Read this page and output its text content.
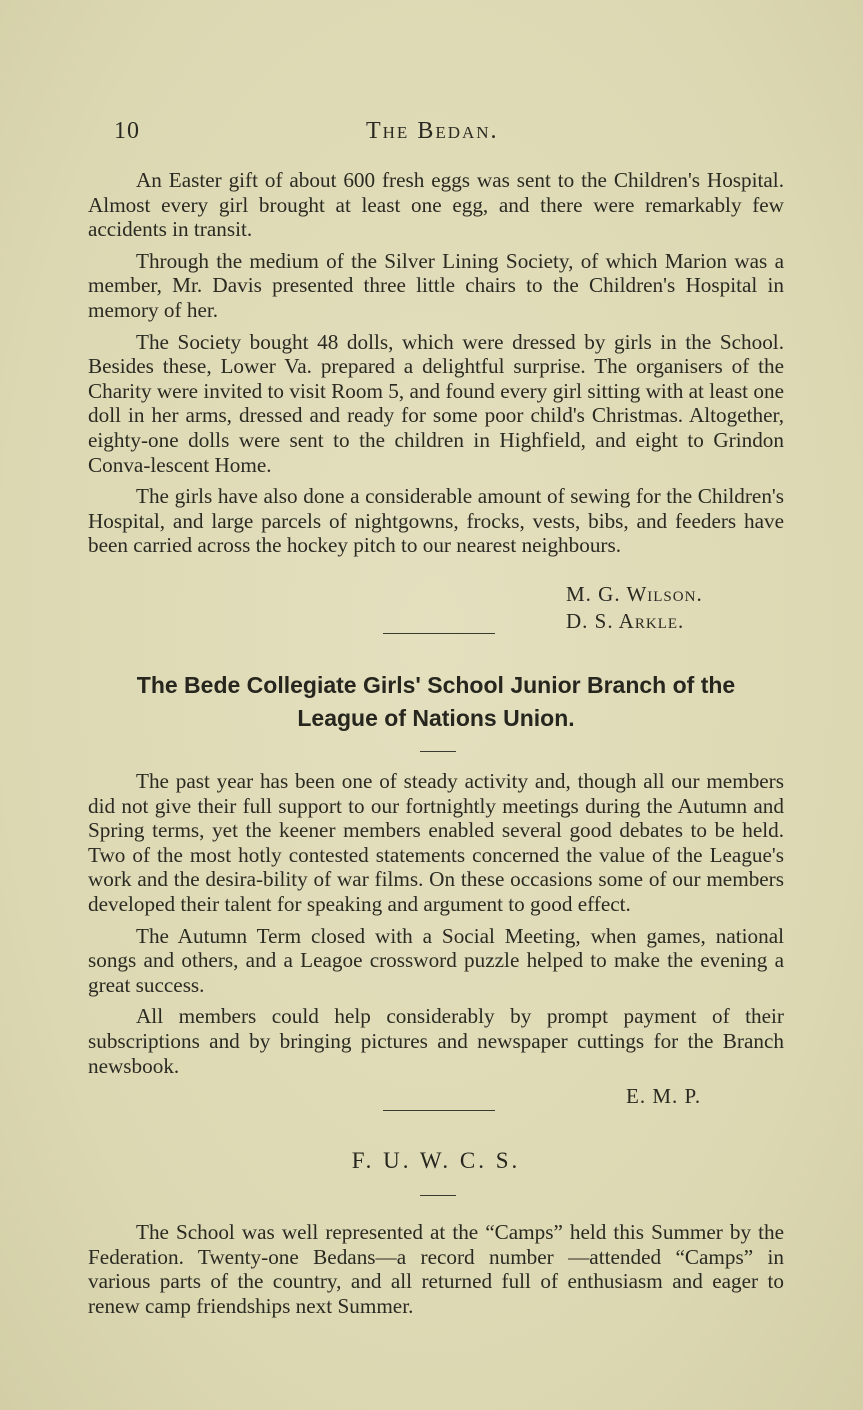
10	The Bedan.

An Easter gift of about 600 fresh eggs was sent to the Children's Hospital. Almost every girl brought at least one egg, and there were remarkably few accidents in transit.

Through the medium of the Silver Lining Society, of which Marion was a member, Mr. Davis presented three little chairs to the Children's Hospital in memory of her.

The Society bought 48 dolls, which were dressed by girls in the School. Besides these, Lower Va. prepared a delightful surprise. The organisers of the Charity were invited to visit Room 5, and found every girl sitting with at least one doll in her arms, dressed and ready for some poor child's Christmas. Altogether, eighty-one dolls were sent to the children in Highfield, and eight to Grindon Conva-lescent Home.

The girls have also done a considerable amount of sewing for the Children's Hospital, and large parcels of nightgowns, frocks, vests, bibs, and feeders have been carried across the hockey pitch to our nearest neighbours.

M. G. Wilson.
D. S. Arkle.
The Bede Collegiate Girls' School Junior Branch of the
League of Nations Union.

The past year has been one of steady activity and, though all our members did not give their full support to our fortnightly meetings during the Autumn and Spring terms, yet the keener members enabled several good debates to be held. Two of the most hotly contested statements concerned the value of the League's work and the desira-bility of war films. On these occasions some of our members developed their talent for speaking and argument to good effect.

The Autumn Term closed with a Social Meeting, when games, national songs and others, and a Leagoe crossword puzzle helped to make the evening a great success.

All members could help considerably by prompt payment of their subscriptions and by bringing pictures and newspaper cuttings for the Branch newsbook.

E. M. P.
F. U. W. C. S.

The School was well represented at the “Camps” held this Summer by the Federation. Twenty-one Bedans—a record number —attended “Camps” in various parts of the country, and all returned full of enthusiasm and eager to renew camp friendships next Summer.
